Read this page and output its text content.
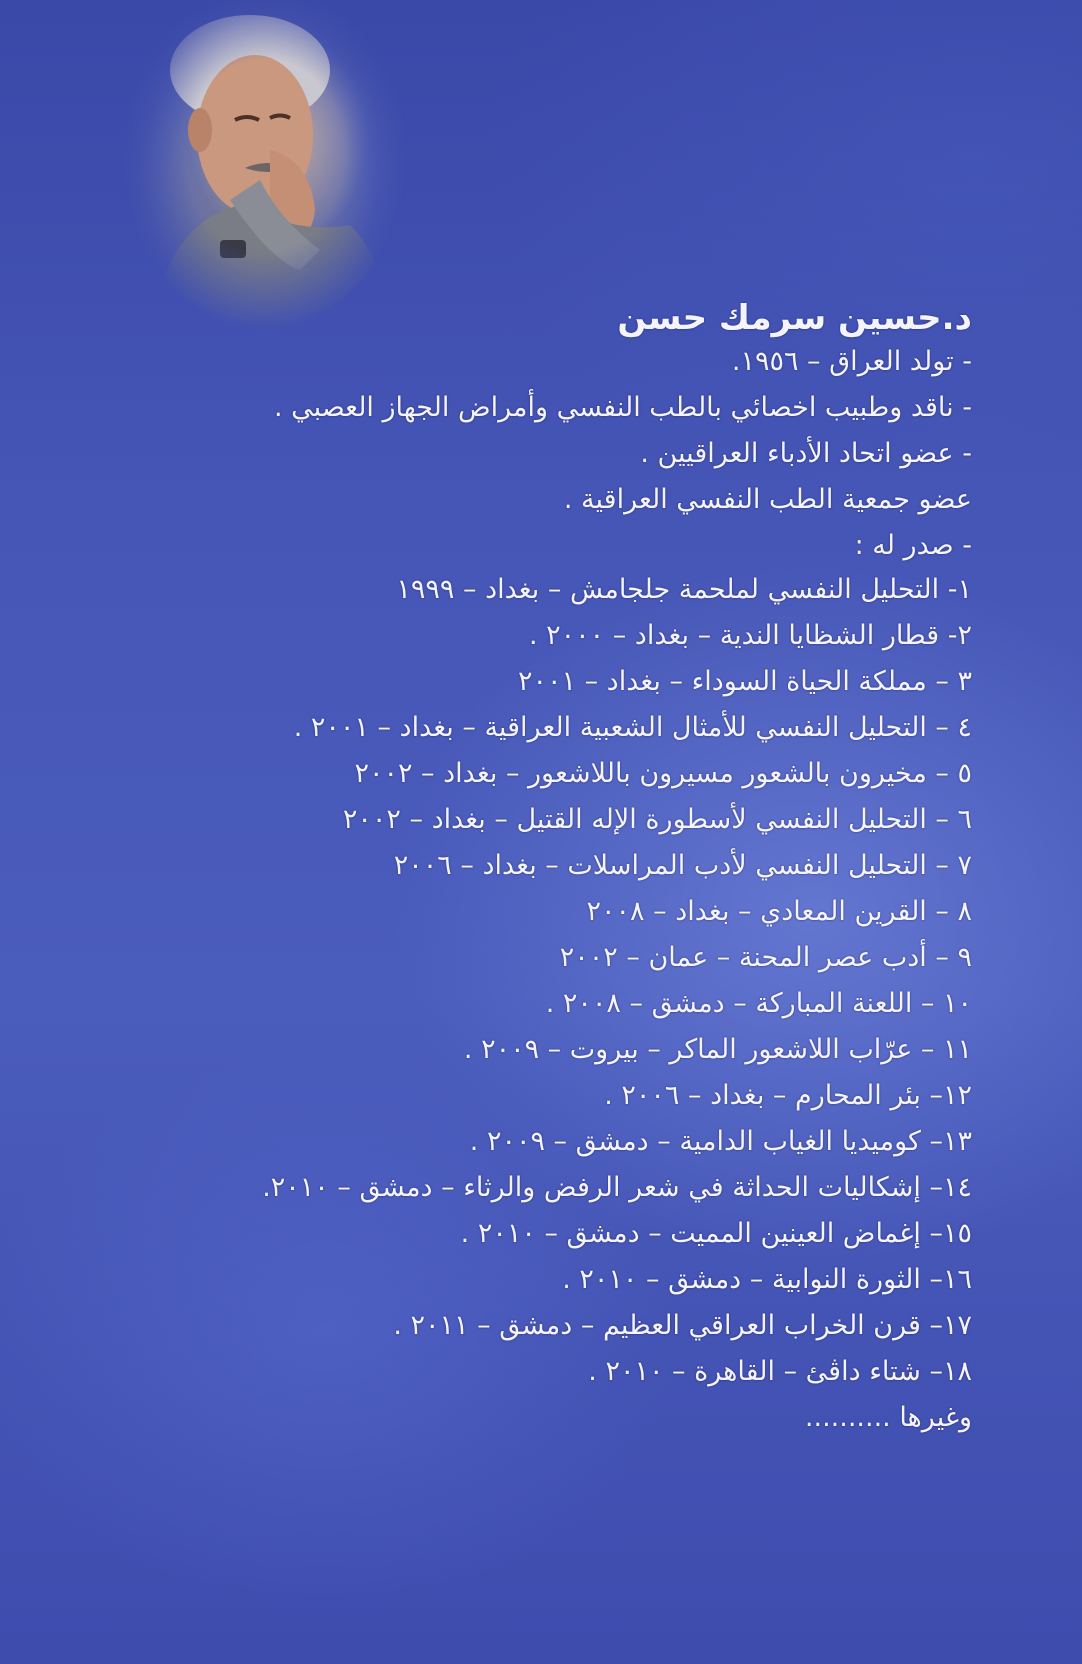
د.حسين سرمك حسن

- تولد العراق – ١٩٥٦.

- ناقد وطبيب اخصائي بالطب النفسي وأمراض الجهاز العصبي .

- عضو اتحاد الأدباء العراقيين .

عضو جمعية الطب النفسي العراقية .

- صدر له :

١- التحليل النفسي لملحمة جلجامش – بغداد – ١٩٩٩

٢- قطار الشظايا الندية – بغداد – ٢٠٠٠ .

٣ – مملكة الحياة السوداء – بغداد – ٢٠٠١

٤ – التحليل النفسي للأمثال الشعبية العراقية – بغداد – ٢٠٠١ .

٥ – مخيرون بالشعور مسيرون باللاشعور – بغداد – ٢٠٠٢

٦ – التحليل النفسي لأسطورة الإله القتيل – بغداد – ٢٠٠٢

٧ – التحليل النفسي لأدب المراسلات – بغداد – ٢٠٠٦

٨ – القرين المعادي – بغداد – ٢٠٠٨

٩ – أدب عصر المحنة – عمان – ٢٠٠٢

١٠ – اللعنة المباركة – دمشق – ٢٠٠٨ .

١١ – عرّاب اللاشعور الماكر – بيروت – ٢٠٠٩ .

١٢– بئر المحارم – بغداد – ٢٠٠٦ .

١٣– كوميديا الغياب الدامية – دمشق – ٢٠٠٩ .

١٤– إشكاليات الحداثة في شعر الرفض والرثاء – دمشق – ٢٠١٠.

١٥– إغماض العينين المميت – دمشق – ٢٠١٠ .

١٦– الثورة النوابية – دمشق – ٢٠١٠ .

١٧– قرن الخراب العراقي العظيم – دمشق – ٢٠١١ .

١٨– شتاء داڤئ – القاهرة – ٢٠١٠ .

وغيرها ..........
